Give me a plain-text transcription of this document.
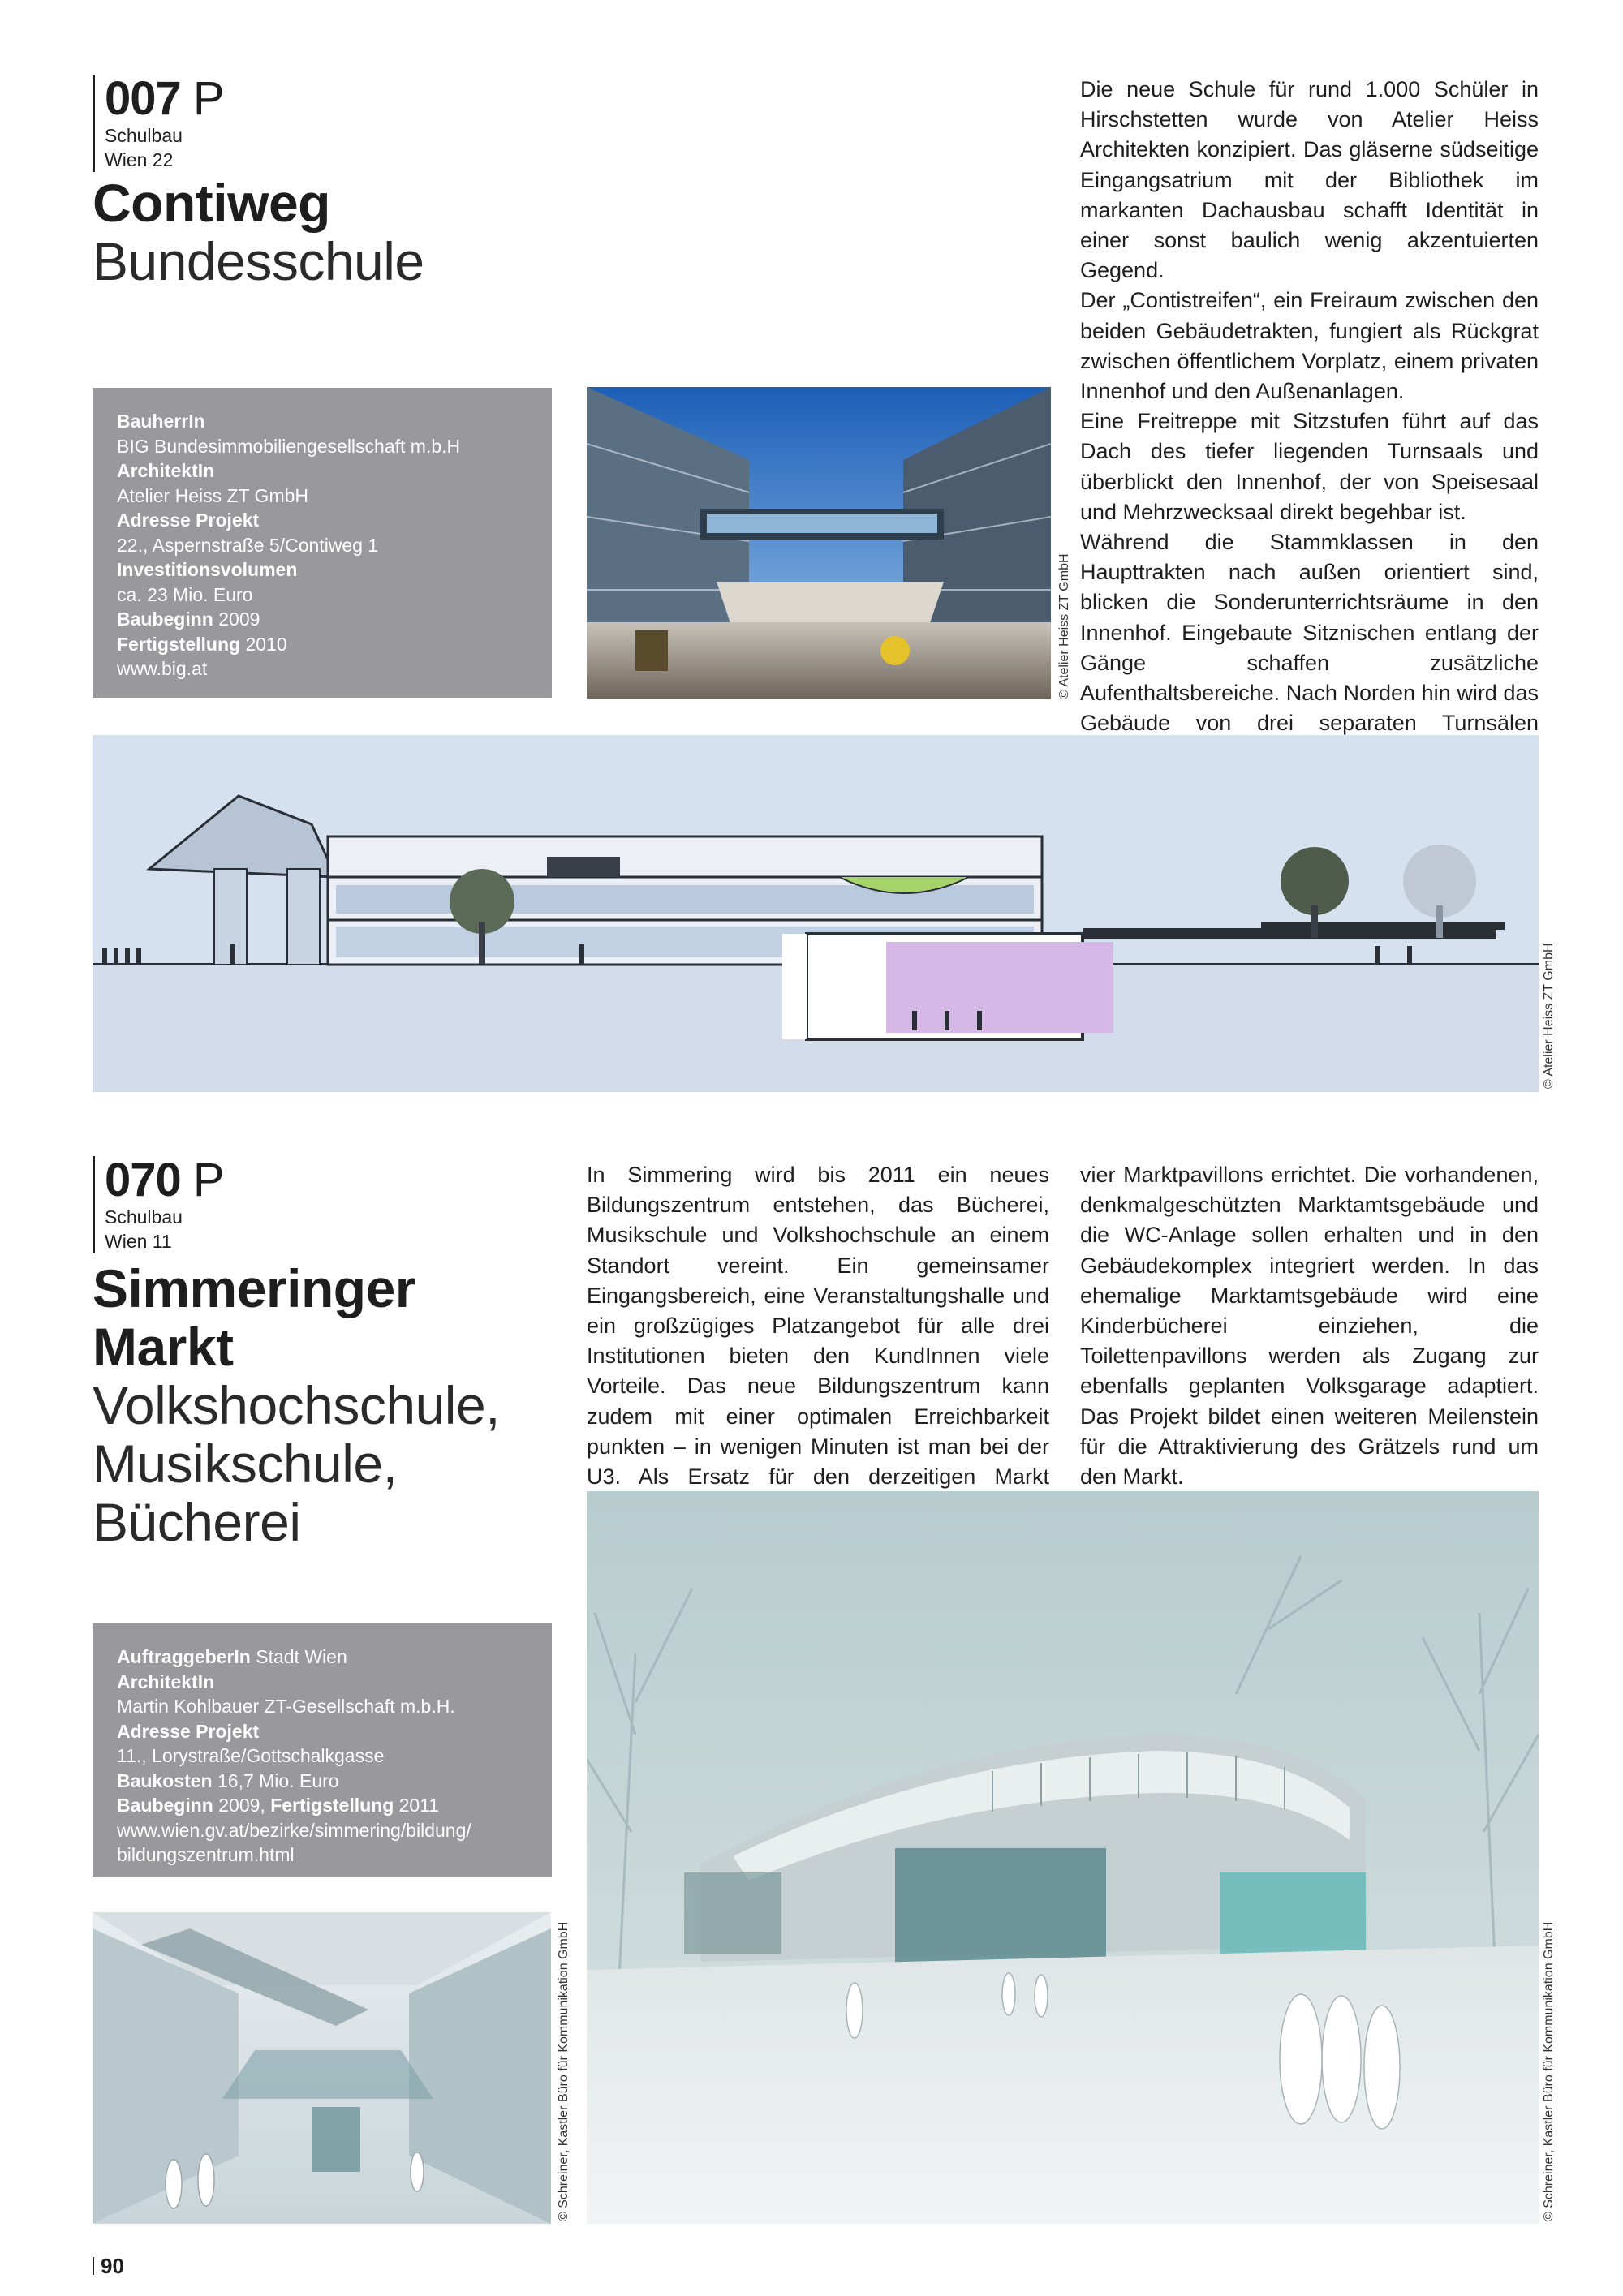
007 P
Schulbau
Wien 22
Contiweg
Bundesschule
BauherrIn
BIG Bundesimmobiliengesellschaft m.b.H
ArchitektIn
Atelier Heiss ZT GmbH
Adresse Projekt
22., Aspernstraße 5/Contiweg 1
Investitionsvolumen
ca. 23 Mio. Euro
Baubeginn 2009
Fertigstellung 2010
www.big.at	© Atelier Heiss ZT GmbH

Die neue Schule für rund 1.000 Schüler in Hirschstetten wurde von Atelier Heiss Architekten konzipiert. Das gläserne südseitige Eingangsatrium mit der Bibliothek im markanten Dachausbau schafft Identität in einer sonst baulich wenig akzentuierten Gegend.

Der „Contistreifen“, ein Freiraum zwischen den beiden Gebäudetrakten, fungiert als Rückgrat zwischen öffentlichem Vorplatz, einem privaten Innenhof und den Außenanlagen.

Eine Freitreppe mit Sitzstufen führt auf das Dach des tiefer liegenden Turnsaals und überblickt den Innenhof, der von Speisesaal und Mehrzwecksaal direkt begehbar ist.

Während die Stammklassen in den Haupttrakten nach außen orientiert sind, blicken die Sonderunterrichtsräume in den Innenhof. Eingebaute Sitznischen entlang der Gänge schaffen zusätzliche Aufenthaltsbereiche. Nach Norden hin wird das Gebäude von drei separaten Turnsälen

© Atelier Heiss ZT GmbH
070 P
Schulbau
Wien 11
Simmeringer
Markt
Volkshochschule,
Musikschule,
Bücherei
AuftraggeberIn Stadt Wien
ArchitektIn
Martin Kohlbauer ZT-Gesellschaft m.b.H.
Adresse Projekt
11., Lorystraße/Gottschalkgasse
Baukosten 16,7 Mio. Euro
Baubeginn 2009, Fertigstellung 2011
www.wien.gv.at/bezirke/simmering/bildung/
bildungszentrum.html
In Simmering wird bis 2011 ein neues Bildungszentrum entstehen, das Bücherei, Musikschule und Volkshochschule an einem Standort vereint. Ein gemeinsamer Eingangsbereich, eine Veranstaltungshalle und ein großzügiges Platzangebot für alle drei Institutionen bieten den KundInnen viele Vorteile. Das neue Bildungszentrum kann zudem mit einer optimalen Erreichbarkeit punkten – in wenigen Minuten ist man bei der U3. Als Ersatz für den derzeitigen Markt
vier Marktpavillons errichtet. Die vorhandenen, denkmalgeschützten Marktamtsgebäude und die WC-Anlage sollen erhalten und in den Gebäudekomplex integriert werden. In das ehemalige Marktamtsgebäude wird eine Kinderbücherei einziehen, die Toilettenpavillons werden als Zugang zur ebenfalls geplanten Volksgarage adaptiert. Das Projekt bildet einen weiteren Meilenstein für die Attraktivierung des Grätzels rund um den Markt.
© Schreiner, Kastler Büro für Kommunikation GmbH	© Schreiner, Kastler Büro für Kommunikation GmbH
90
